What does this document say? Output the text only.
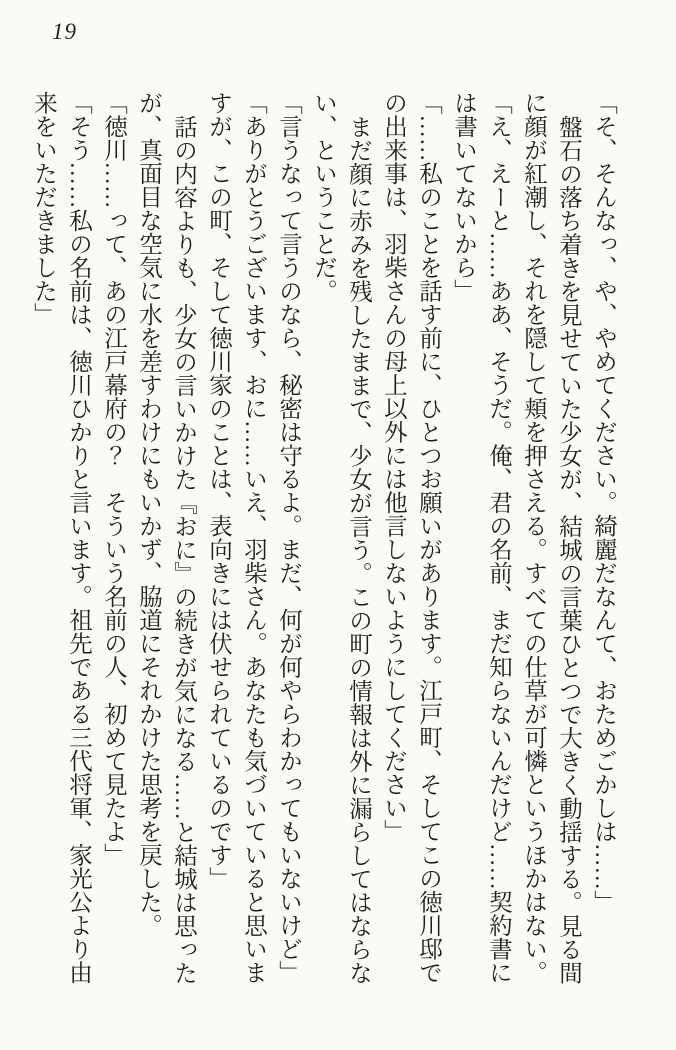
19

「そ、そんなっ、や、やめてください。綺麗だなんて、おためごかしは……」

盤石の落ち着きを見せていた少女が、結城の言葉ひとつで大きく動揺する。見る間に顔が紅潮し、それを隠して頬を押さえる。すべての仕草が可憐というほかはない。

「え、えーと……ああ、そうだ。俺、君の名前、まだ知らないんだけど……契約書には書いてないから」

「……私のことを話す前に、ひとつお願いがあります。江戸町、そしてこの徳川邸での出来事は、羽柴さんの母上以外には他言しないようにしてください」

まだ顔に赤みを残したままで、少女が言う。この町の情報は外に漏らしてはならない、ということだ。

「言うなって言うのなら、秘密は守るよ。まだ、何が何やらわかってもいないけど」

「ありがとうございます、おに……いえ、羽柴さん。あなたも気づいていると思いますが、この町、そして徳川家のことは、表向きには伏せられているのです」

話の内容よりも、少女の言いかけた『おに』の続きが気になる……と結城は思ったが、真面目な空気に水を差すわけにもいかず、脇道にそれかけた思考を戻した。

「徳川……って、あの江戸幕府の？　そういう名前の人、初めて見たよ」

「そう……私の名前は、徳川ひかりと言います。祖先である三代将軍、家光公より由来をいただきました」
